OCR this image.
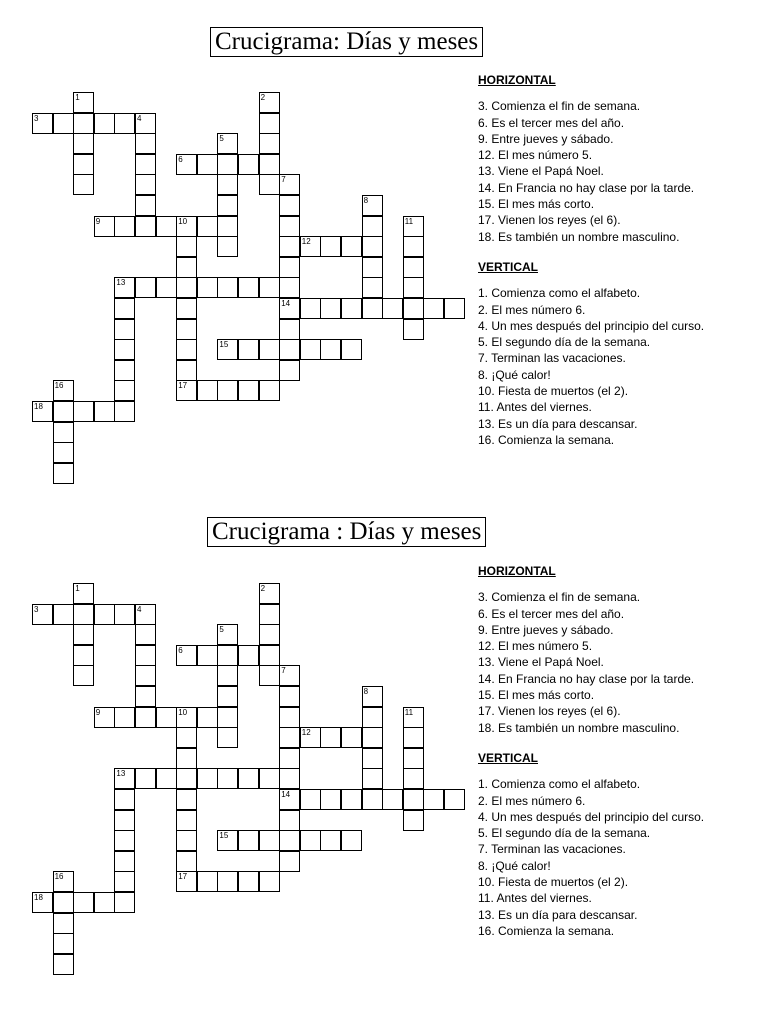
Crucigrama: Días y meses
1	2
3	4
5
6
7
14
8
9	10	11
12
13
15
16	17
18
HORIZONTAL
3. Comienza el fin de semana.
6. Es el tercer mes del año.
9. Entre jueves y sábado.
12. El mes número 5.
13. Viene el Papá Noel.
14. En Francia no hay clase por la tarde.
15. El mes más corto.
17. Vienen los reyes (el 6).
18. Es también un nombre masculino.
VERTICAL
1. Comienza como el alfabeto.
2. El mes número 6.
4. Un mes después del principio del curso.
5. El segundo día de la semana.
7. Terminan las vacaciones.
8. ¡Qué calor!
10. Fiesta de muertos (el 2).
11. Antes del viernes.
13. Es un día para descansar.
16. Comienza la semana.
Crucigrama : Días y meses
1	2
3	4
5
6
7
14
8
9	10	11
12
13
15
16	17
18
HORIZONTAL
3. Comienza el fin de semana.
6. Es el tercer mes del año.
9. Entre jueves y sábado.
12. El mes número 5.
13. Viene el Papá Noel.
14. En Francia no hay clase por la tarde.
15. El mes más corto.
17. Vienen los reyes (el 6).
18. Es también un nombre masculino.
VERTICAL
1. Comienza como el alfabeto.
2. El mes número 6.
4. Un mes después del principio del curso.
5. El segundo día de la semana.
7. Terminan las vacaciones.
8. ¡Qué calor!
10. Fiesta de muertos (el 2).
11. Antes del viernes.
13. Es un día para descansar.
16. Comienza la semana.
